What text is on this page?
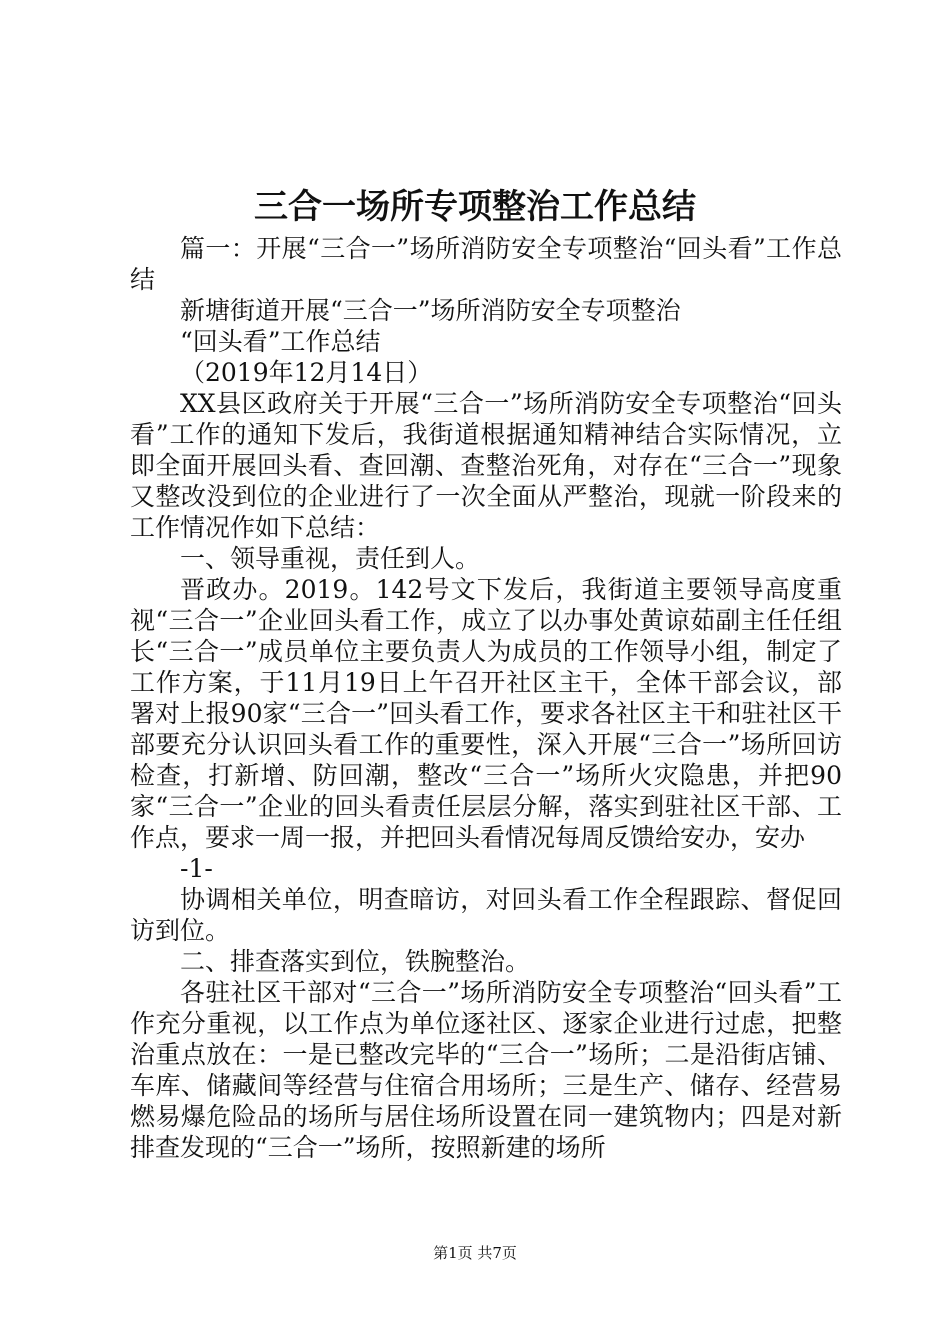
三合一场所专项整治工作总结

篇一：开展“三合一”场所消防安全专项整治“回头看”工作总结

新塘街道开展“三合一”场所消防安全专项整治

“回头看”工作总结

（2019年12月14日）

XX县区政府关于开展“三合一”场所消防安全专项整治“回头看”工作的通知下发后，我街道根据通知精神结合实际情况，立即全面开展回头看、查回潮、查整治死角，对存在“三合一”现象又整改没到位的企业进行了一次全面从严整治，现就一阶段来的工作情况作如下总结：

一、领导重视，责任到人。

晋政办。2019。142号文下发后，我街道主要领导高度重视“三合一”企业回头看工作，成立了以办事处黄谅茹副主任任组长“三合一”成员单位主要负责人为成员的工作领导小组，制定了工作方案，于11月19日上午召开社区主干，全体干部会议，部署对上报90家“三合一”回头看工作，要求各社区主干和驻社区干部要充分认识回头看工作的重要性，深入开展“三合一”场所回访检查，打新增、防回潮，整改“三合一”场所火灾隐患，并把90家“三合一”企业的回头看责任层层分解，落实到驻社区干部、工作点，要求一周一报，并把回头看情况每周反馈给安办，安办

-1-

协调相关单位，明查暗访，对回头看工作全程跟踪、督促回访到位。

二、排查落实到位，铁腕整治。

各驻社区干部对“三合一”场所消防安全专项整治“回头看”工作充分重视，以工作点为单位逐社区、逐家企业进行过虑，把整治重点放在：一是已整改完毕的“三合一”场所；二是沿街店铺、车库、储藏间等经营与住宿合用场所；三是生产、储存、经营易燃易爆危险品的场所与居住场所设置在同一建筑物内；四是对新排查发现的“三合一”场所，按照新建的场所

第1页 共7页
